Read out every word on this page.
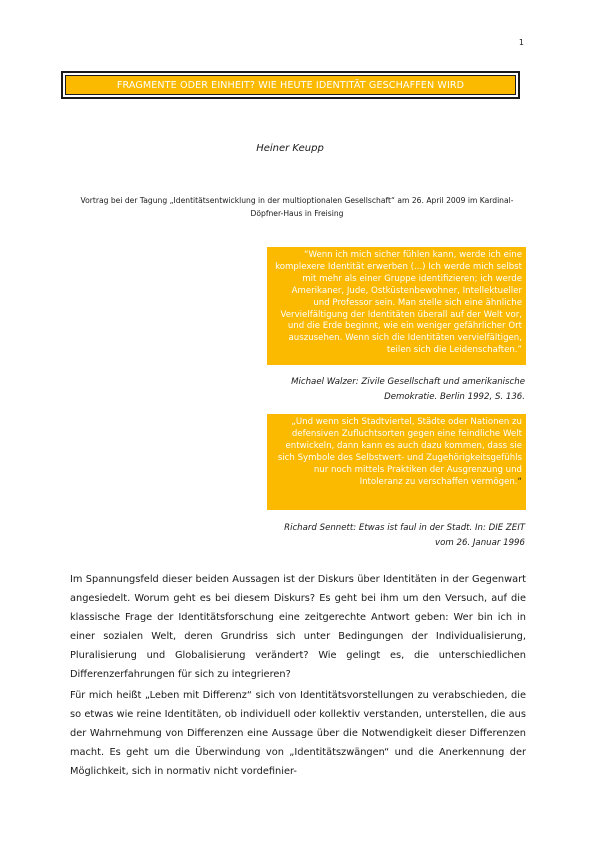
1
FRAGMENTE ODER EINHEIT? WIE HEUTE IDENTITÄT GESCHAFFEN WIRD
Heiner Keupp
Vortrag bei der Tagung „Identitätsentwicklung in der multioptionalen Gesellschaft“ am 26. April 2009 im Kardinal-Döpfner-Haus in Freising
“Wenn ich mich sicher fühlen kann, werde ich eine komplexere Identität erwerben (...) Ich werde mich selbst mit mehr als einer Gruppe identifizieren; ich werde Amerikaner, Jude, Ostküstenbewohner, Intellektueller und Professor sein. Man stelle sich eine ähnliche Vervielfältigung der Identitäten überall auf der Welt vor, und die Erde beginnt, wie ein weniger gefährlicher Ort auszusehen. Wenn sich die Identitäten vervielfältigen, teilen sich die Leidenschaften.”
Michael Walzer: Zivile Gesellschaft und amerikanische Demokratie. Berlin 1992, S. 136.
„Und wenn sich Stadtviertel, Städte oder Nationen zu defensiven Zufluchtsorten gegen eine feindliche Welt entwickeln, dann kann es auch dazu kommen, dass sie sich Symbole des Selbstwert- und Zugehörigkeitsgefühls nur noch mittels Praktiken der Ausgrenzung und Intoleranz zu verschaffen vermögen.“
Richard Sennett: Etwas ist faul in der Stadt. In: DIE ZEIT vom 26. Januar 1996
Im Spannungsfeld dieser beiden Aussagen ist der Diskurs über Identitäten in der Gegenwart angesiedelt. Worum geht es bei diesem Diskurs? Es geht bei ihm um den Versuch, auf die klassische Frage der Identitätsforschung eine zeitgerechte Antwort geben: Wer bin ich in einer sozialen Welt, deren Grundriss sich unter Bedingungen der Individualisierung, Pluralisierung und Globalisierung verändert? Wie gelingt es, die unterschiedlichen Differenzerfahrungen für sich zu integrieren?
Für mich heißt „Leben mit Differenz“ sich von Identitätsvorstellungen zu verabschieden, die so etwas wie reine Identitäten, ob individuell oder kollektiv verstanden, unterstellen, die aus der Wahrnehmung von Differenzen eine Aussage über die Notwendigkeit dieser Differenzen macht. Es geht um die Überwindung von „Identitätszwängen“ und die Anerkennung der Möglichkeit, sich in normativ nicht vordefinier-
